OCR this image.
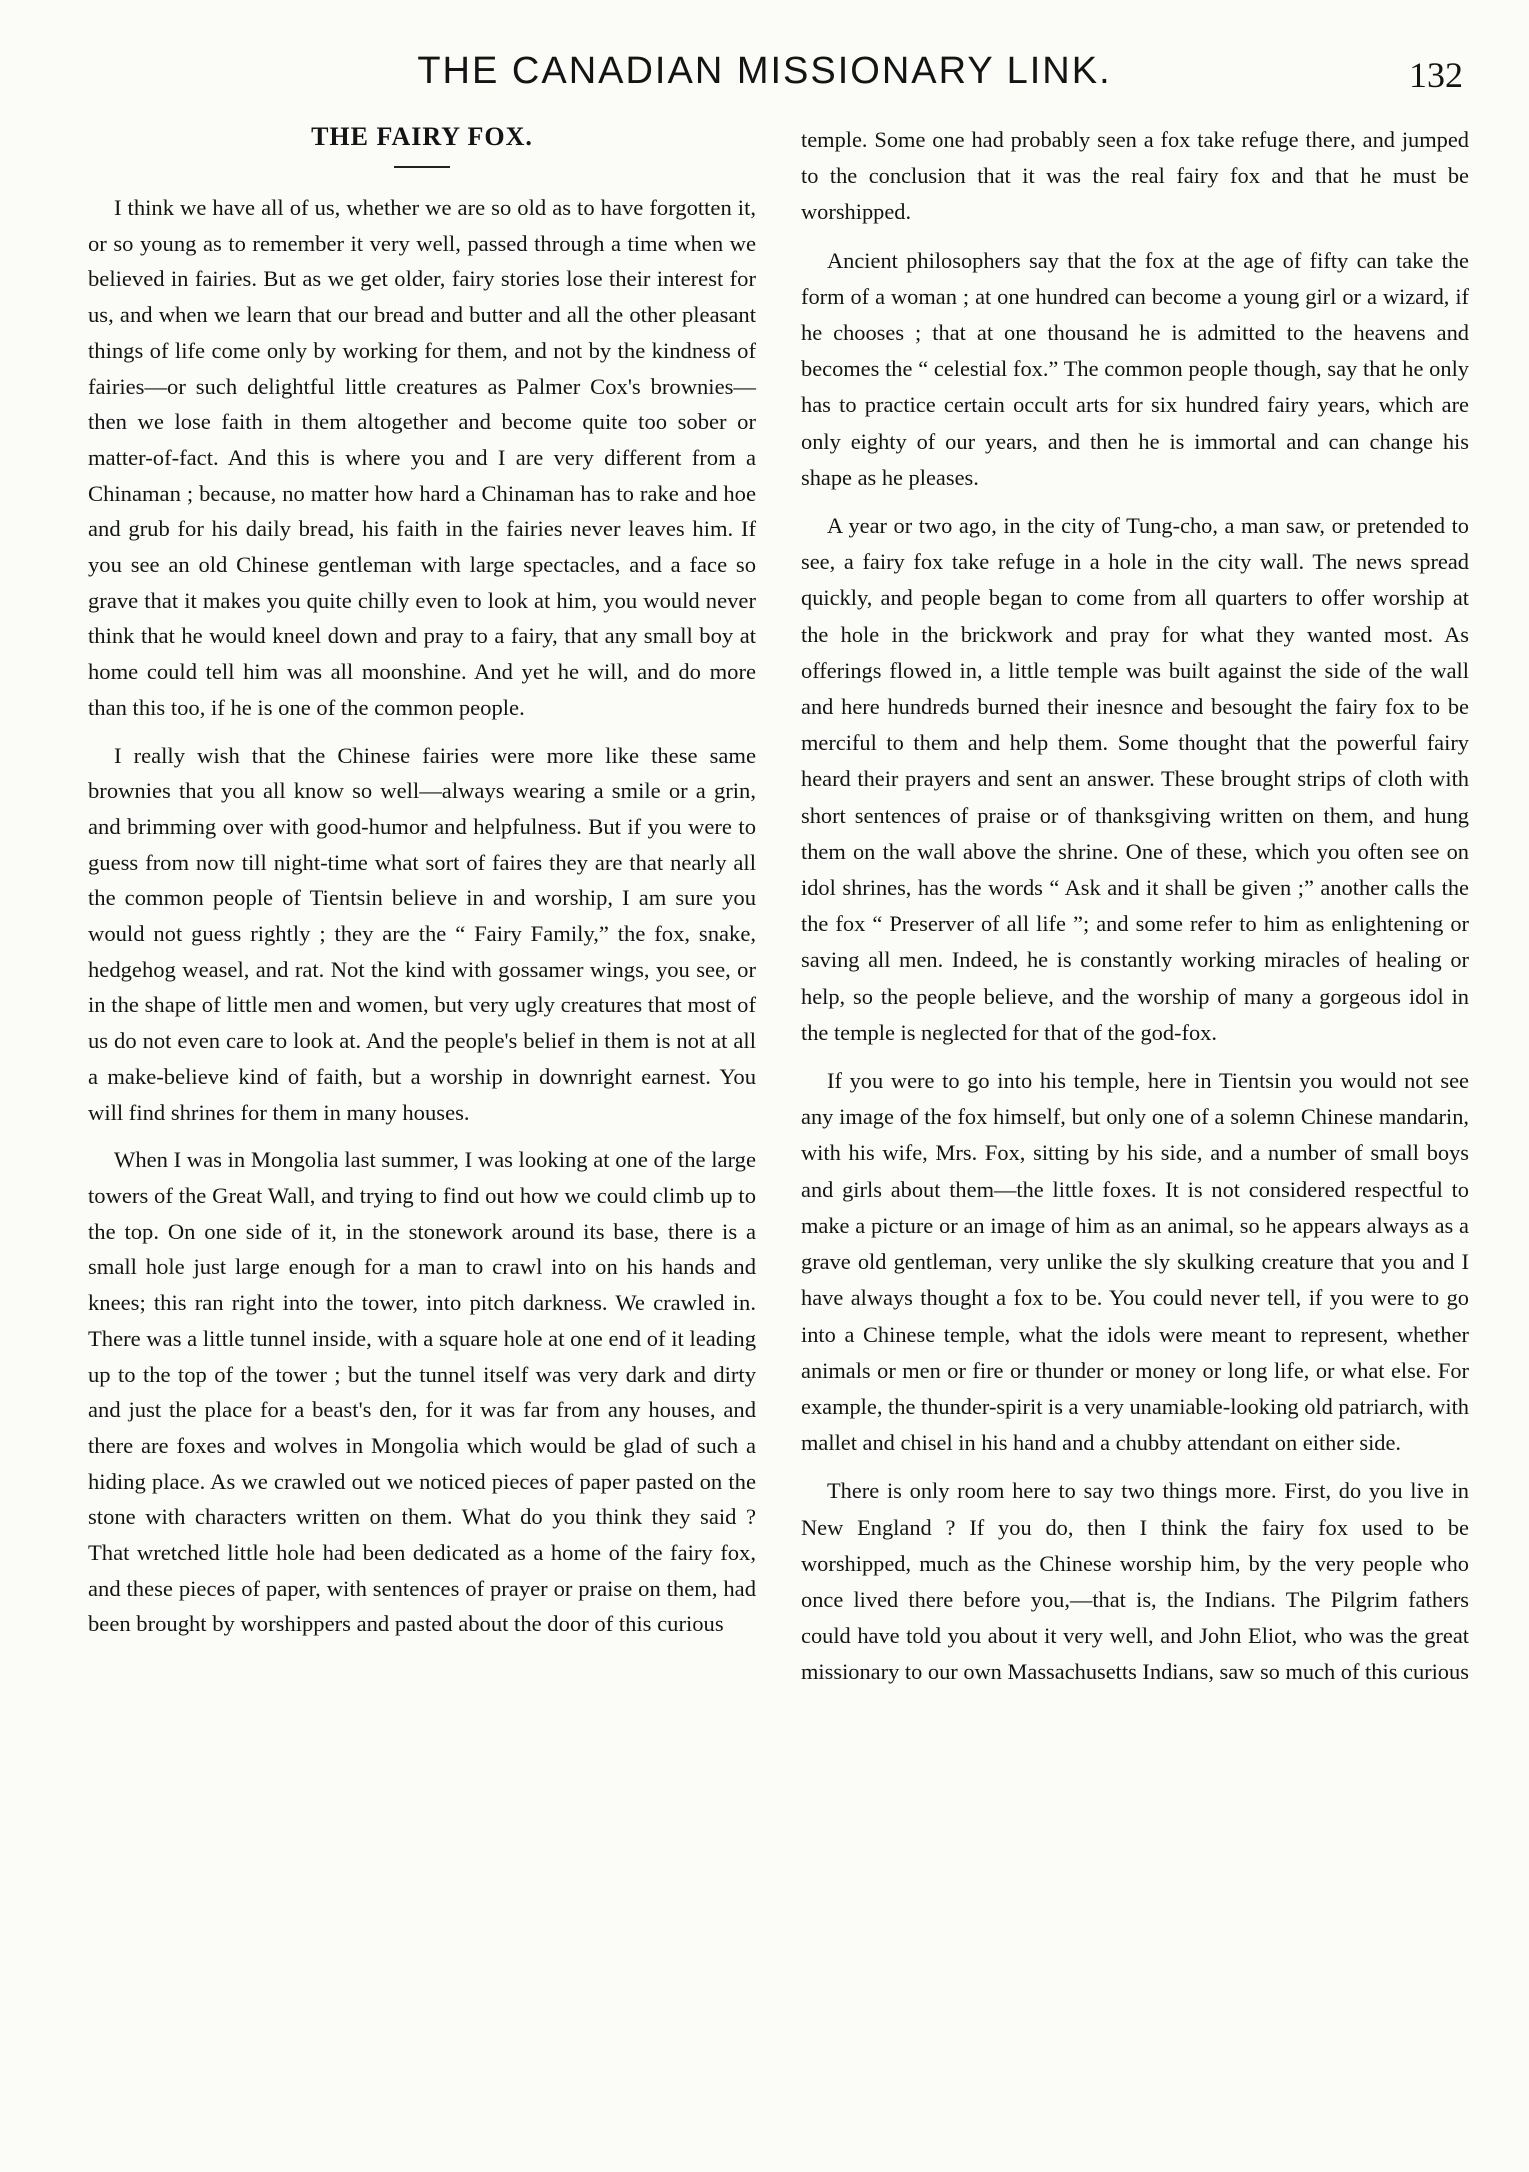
THE CANADIAN MISSIONARY LINK.	132
THE FAIRY FOX.

I think we have all of us, whether we are so old as to have forgotten it, or so young as to remember it very well, passed through a time when we believed in fairies. But as we get older, fairy stories lose their interest for us, and when we learn that our bread and butter and all the other pleasant things of life come only by working for them, and not by the kindness of fairies—or such delightful little creatures as Palmer Cox's brownies—then we lose faith in them altogether and become quite too sober or matter-of-fact. And this is where you and I are very different from a Chinaman ; because, no matter how hard a Chinaman has to rake and hoe and grub for his daily bread, his faith in the fairies never leaves him. If you see an old Chinese gentleman with large spectacles, and a face so grave that it makes you quite chilly even to look at him, you would never think that he would kneel down and pray to a fairy, that any small boy at home could tell him was all moonshine. And yet he will, and do more than this too, if he is one of the common people.

I really wish that the Chinese fairies were more like these same brownies that you all know so well—always wearing a smile or a grin, and brimming over with good-humor and helpfulness. But if you were to guess from now till night-time what sort of faires they are that nearly all the common people of Tientsin believe in and worship, I am sure you would not guess rightly ; they are the “ Fairy Family,” the fox, snake, hedgehog weasel, and rat. Not the kind with gossamer wings, you see, or in the shape of little men and women, but very ugly creatures that most of us do not even care to look at. And the people's belief in them is not at all a make-believe kind of faith, but a worship in downright earnest. You will find shrines for them in many houses.

When I was in Mongolia last summer, I was looking at one of the large towers of the Great Wall, and trying to find out how we could climb up to the top. On one side of it, in the stonework around its base, there is a small hole just large enough for a man to crawl into on his hands and knees; this ran right into the tower, into pitch darkness. We crawled in. There was a little tunnel inside, with a square hole at one end of it leading up to the top of the tower ; but the tunnel itself was very dark and dirty and just the place for a beast's den, for it was far from any houses, and there are foxes and wolves in Mongolia which would be glad of such a hiding place. As we crawled out we noticed pieces of paper pasted on the stone with characters written on them. What do you think they said ? That wretched little hole had been dedicated as a home of the fairy fox, and these pieces of paper, with sentences of prayer or praise on them, had been brought by worshippers and pasted about the door of this curious

temple. Some one had probably seen a fox take refuge there, and jumped to the conclusion that it was the real fairy fox and that he must be worshipped.

Ancient philosophers say that the fox at the age of fifty can take the form of a woman ; at one hundred can become a young girl or a wizard, if he chooses ; that at one thousand he is admitted to the heavens and becomes the “ celestial fox.” The common people though, say that he only has to practice certain occult arts for six hundred fairy years, which are only eighty of our years, and then he is immortal and can change his shape as he pleases.

A year or two ago, in the city of Tung-cho, a man saw, or pretended to see, a fairy fox take refuge in a hole in the city wall. The news spread quickly, and people began to come from all quarters to offer worship at the hole in the brickwork and pray for what they wanted most. As offerings flowed in, a little temple was built against the side of the wall and here hundreds burned their inesnce and besought the fairy fox to be merciful to them and help them. Some thought that the powerful fairy heard their prayers and sent an answer. These brought strips of cloth with short sentences of praise or of thanksgiving written on them, and hung them on the wall above the shrine. One of these, which you often see on idol shrines, has the words “ Ask and it shall be given ;” another calls the the fox “ Preserver of all life ”; and some refer to him as enlightening or saving all men. Indeed, he is constantly working miracles of healing or help, so the people believe, and the worship of many a gorgeous idol in the temple is neglected for that of the god-fox.

If you were to go into his temple, here in Tientsin you would not see any image of the fox himself, but only one of a solemn Chinese mandarin, with his wife, Mrs. Fox, sitting by his side, and a number of small boys and girls about them—the little foxes. It is not considered respectful to make a picture or an image of him as an animal, so he appears always as a grave old gentleman, very unlike the sly skulking creature that you and I have always thought a fox to be. You could never tell, if you were to go into a Chinese temple, what the idols were meant to represent, whether animals or men or fire or thunder or money or long life, or what else. For example, the thunder-spirit is a very unamiable-looking old patriarch, with mallet and chisel in his hand and a chubby attendant on either side.

There is only room here to say two things more. First, do you live in New England ? If you do, then I think the fairy fox used to be worshipped, much as the Chinese worship him, by the very people who once lived there before you,—that is, the Indians. The Pilgrim fathers could have told you about it very well, and John Eliot, who was the great missionary to our own Massachusetts Indians, saw so much of this curious
